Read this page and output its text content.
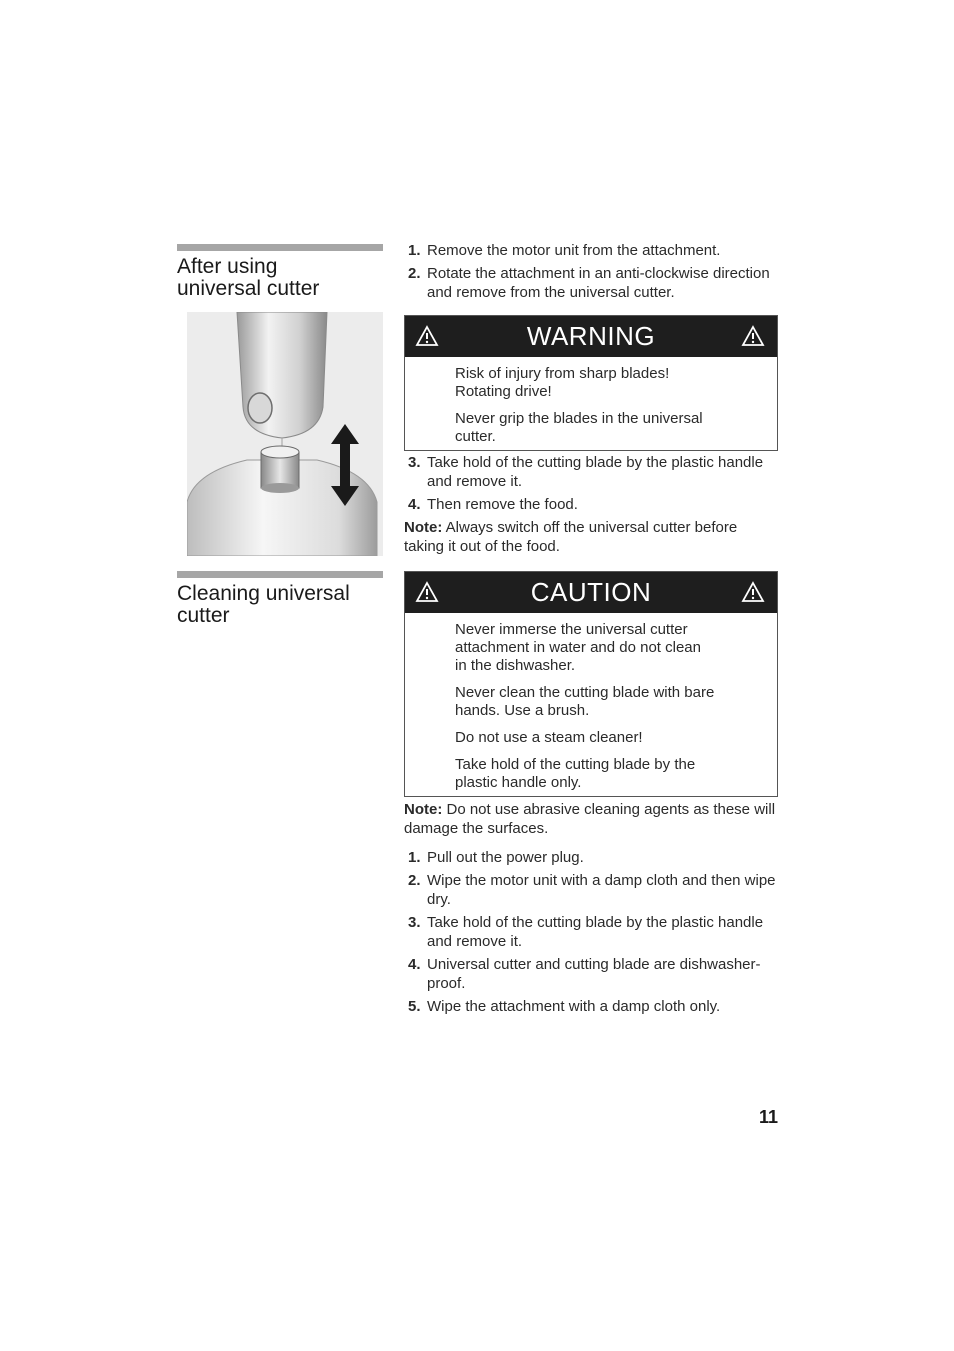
After using
universal cutter
Cleaning universal
cutter
1. Remove the motor unit from the attachment.
2. Rotate the attachment in an anti-clockwise direction and remove from the universal cutter.
WARNING

Risk of injury from sharp blades!
Rotating drive!

Never grip the blades in the universal
cutter.

3. Take hold of the cutting blade by the plastic handle and remove it.
4. Then remove the food.

Note: Always switch off the universal cutter before taking it out of the food.

CAUTION

Never immerse the universal cutter
attachment in water and do not clean
in the dishwasher.

Never clean the cutting blade with bare
hands. Use a brush.

Do not use a steam cleaner!

Take hold of the cutting blade by the
plastic handle only.

Note: Do not use abrasive cleaning agents as these will damage the surfaces.

1. Pull out the power plug.
2. Wipe the motor unit with a damp cloth and then wipe dry.
3. Take hold of the cutting blade by the plastic handle and remove it.
4. Universal cutter and cutting blade are dishwasher-proof.
5. Wipe the attachment with a damp cloth only.
11
